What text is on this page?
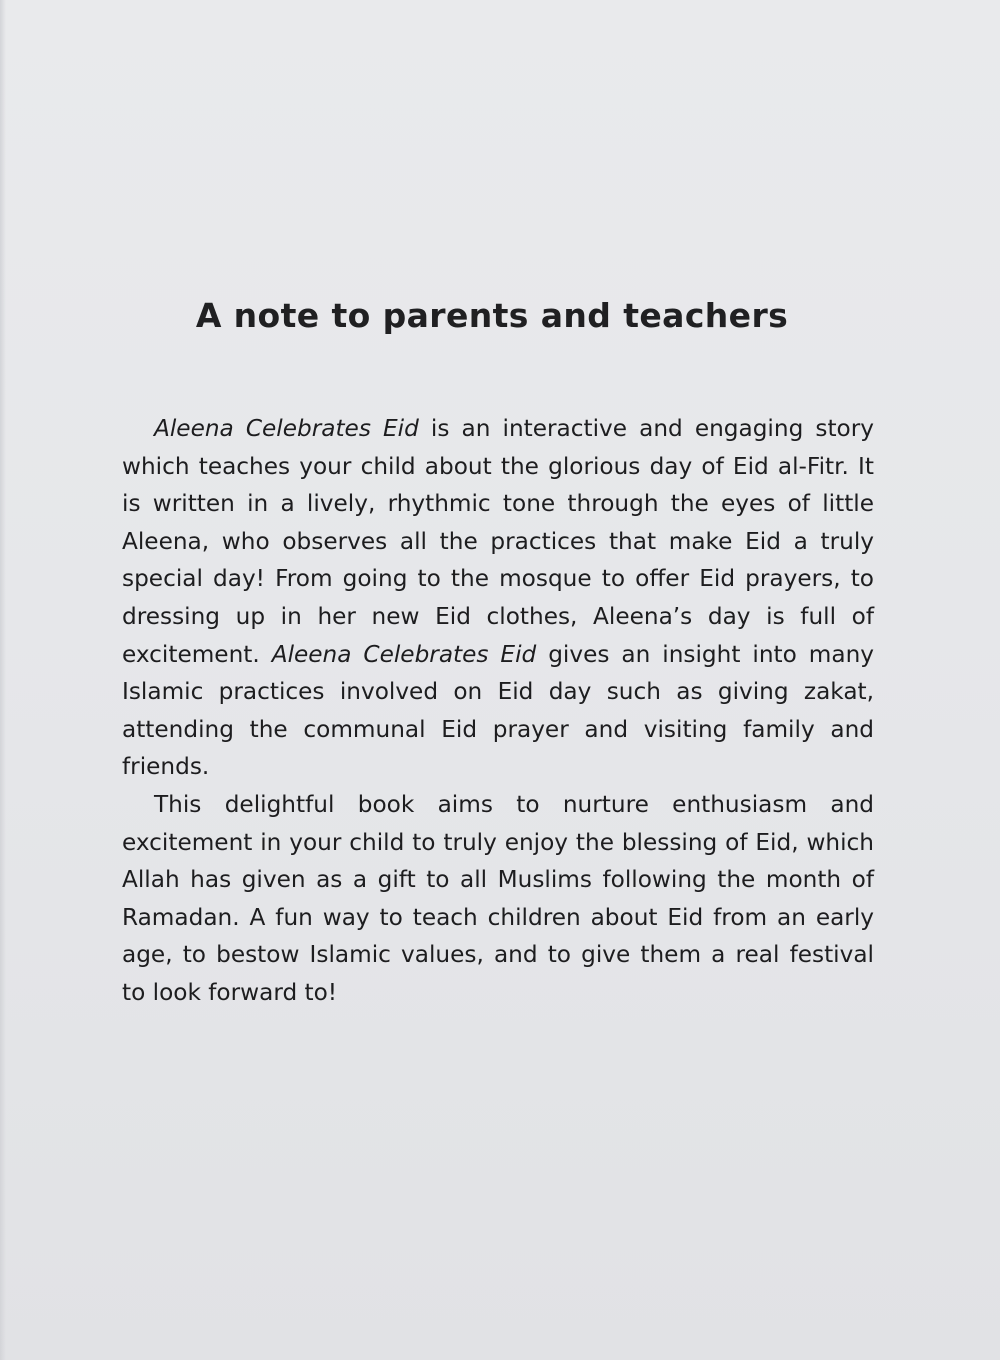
A note to parents and teachers

Aleena Celebrates Eid is an interactive and engaging story which teaches your child about the glorious day of Eid al-Fitr. It is written in a lively, rhythmic tone through the eyes of little Aleena, who observes all the practices that make Eid a truly special day! From going to the mosque to offer Eid prayers, to dressing up in her new Eid clothes, Aleena’s day is full of excitement. Aleena Celebrates Eid gives an insight into many Islamic practices involved on Eid day such as giving zakat, attending the communal Eid prayer and visiting family and friends.

This delightful book aims to nurture enthusiasm and excitement in your child to truly enjoy the blessing of Eid, which Allah has given as a gift to all Muslims following the month of Ramadan. A fun way to teach children about Eid from an early age, to bestow Islamic values, and to give them a real festival to look forward to!
